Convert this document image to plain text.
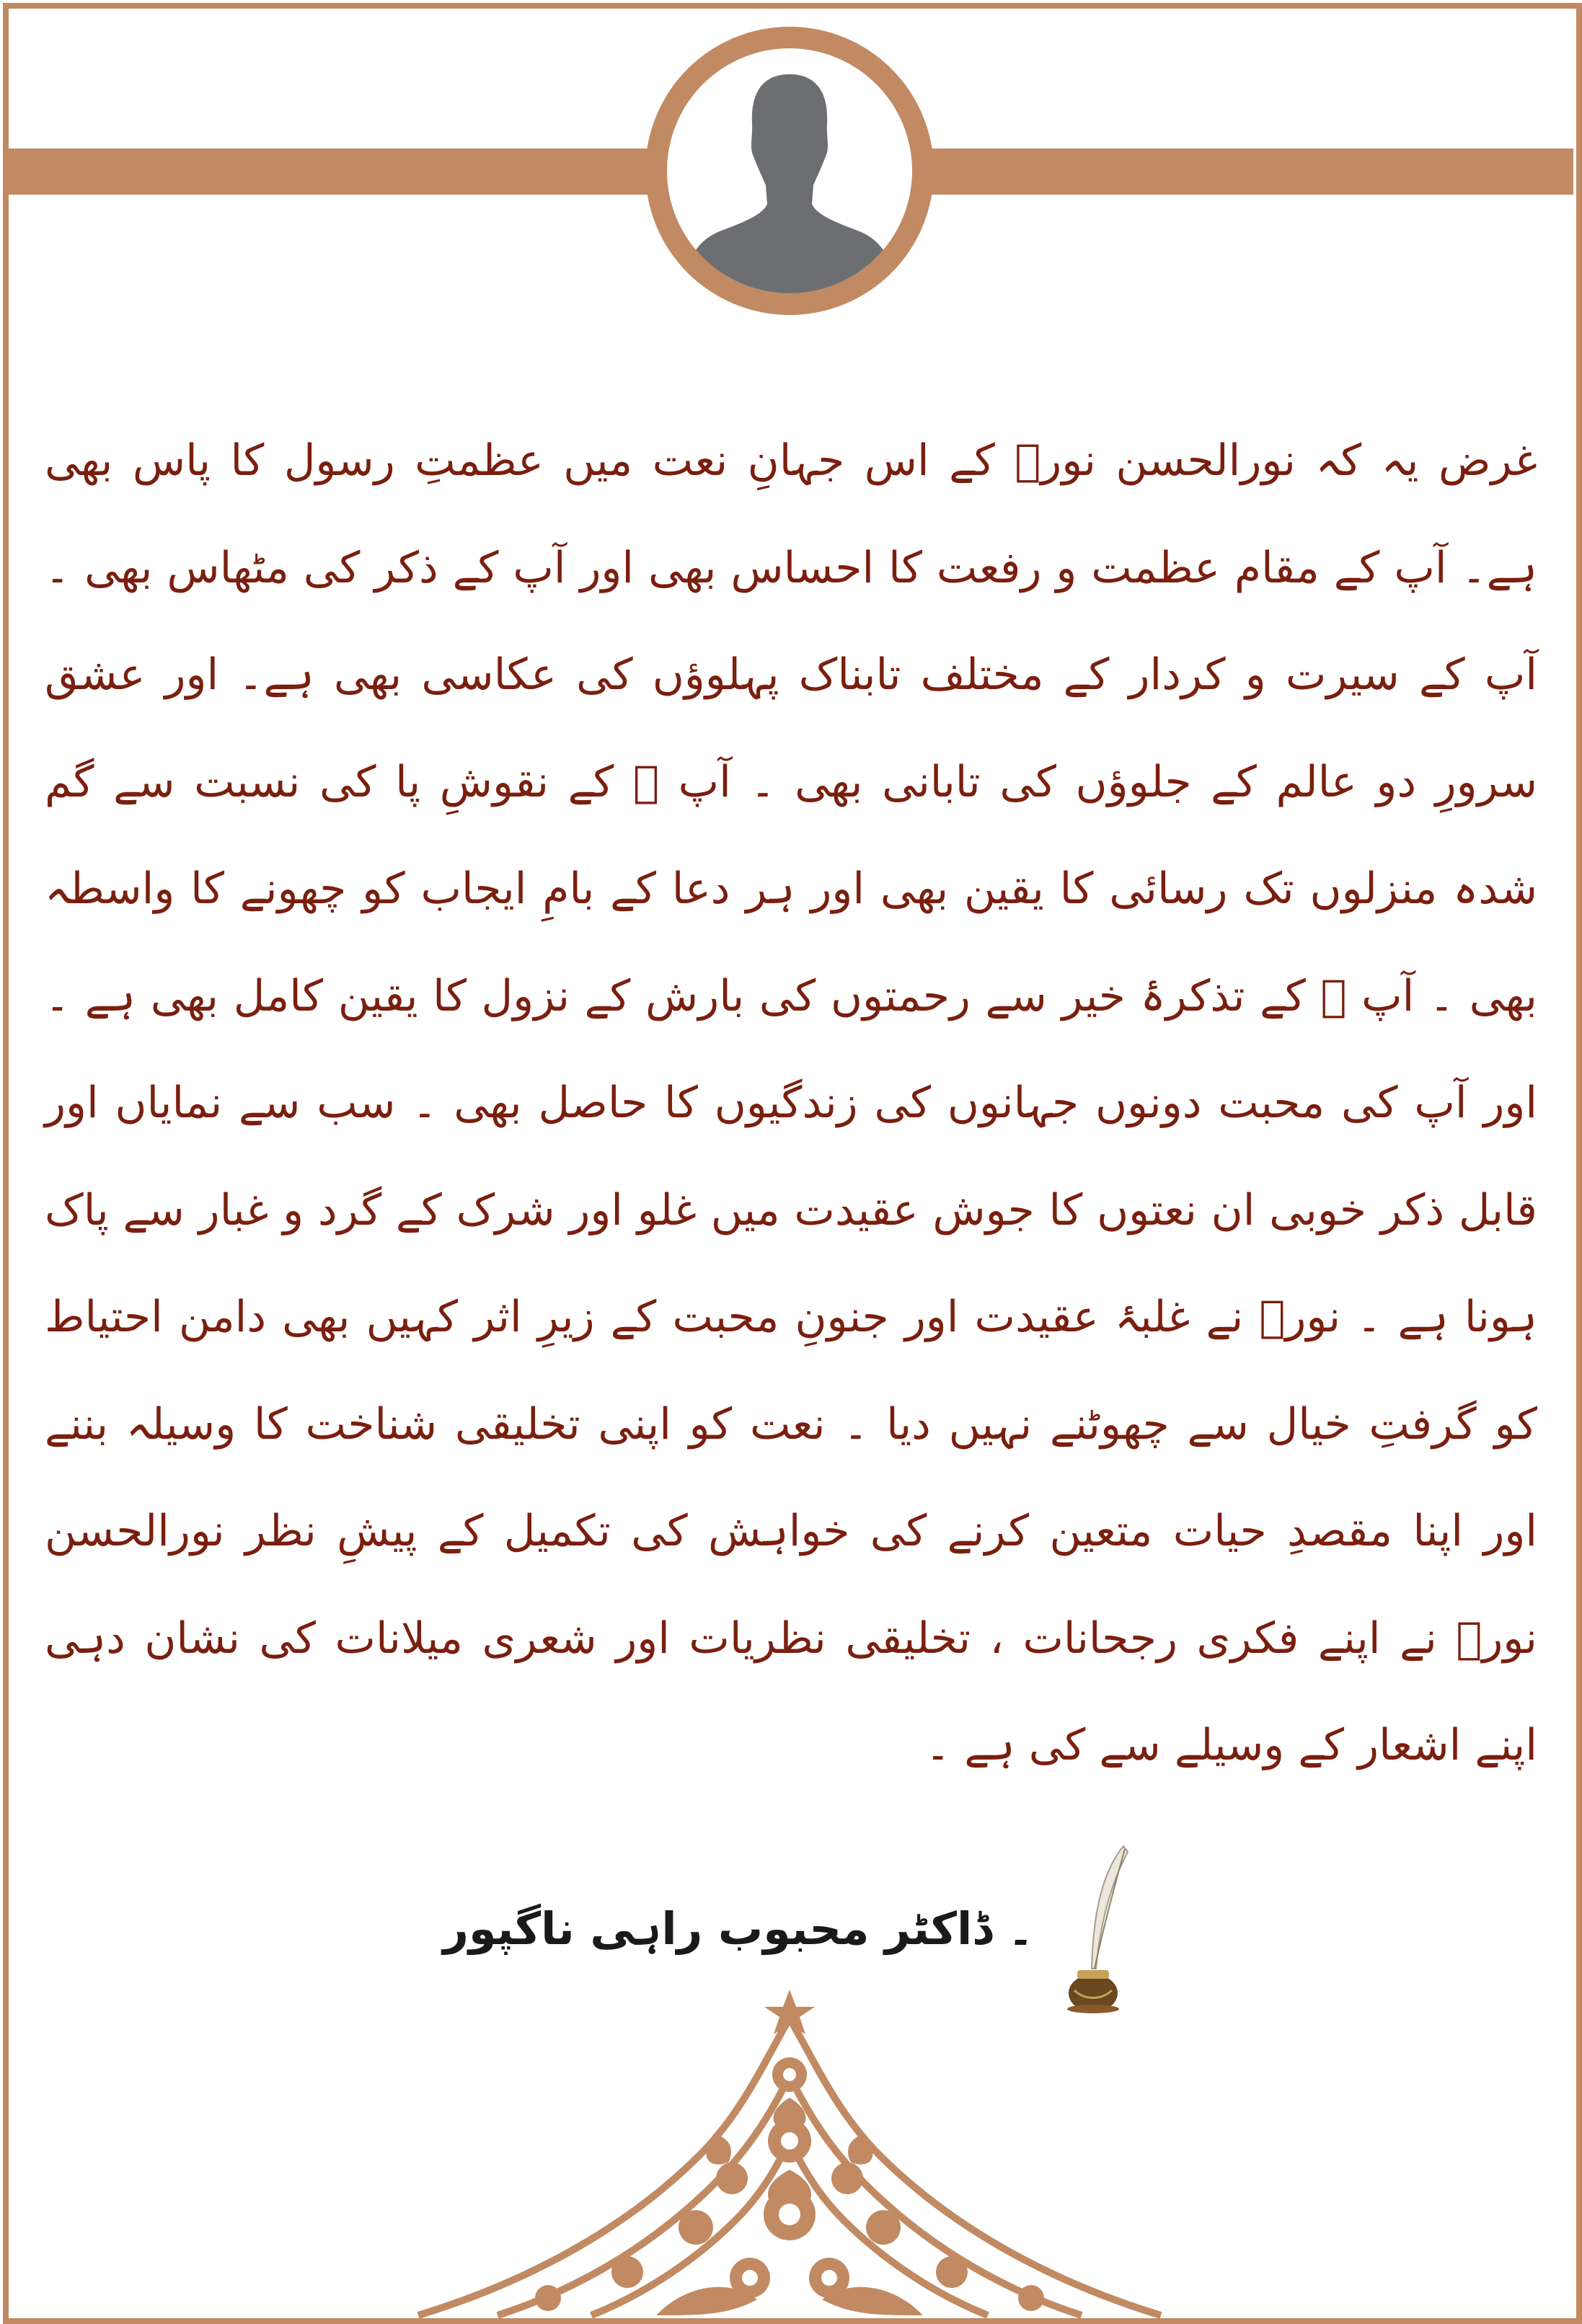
غرض یہ کہ نورالحسن نورؔ کے اس جہانِ نعت میں عظمتِ رسول کا پاس بھی ہے۔ آپ کے مقام عظمت و رفعت کا احساس بھی اور آپ کے ذکر کی مٹھاس بھی ۔ آپ کے سیرت و کردار کے مختلف تابناک پہلوؤں کی عکاسی بھی ہے۔ اور عشق سرورِ دو عالم کے جلوؤں کی تابانی بھی ۔ آپ ﷺ کے نقوشِ پا کی نسبت سے گم شدہ منزلوں تک رسائی کا یقین بھی اور ہر دعا کے بامِ ایجاب کو چھونے کا واسطہ بھی ۔ آپ ﷺ کے تذکرۂ خیر سے رحمتوں کی بارش کے نزول کا یقین کامل بھی ہے ۔ اور آپ کی محبت دونوں جہانوں کی زندگیوں کا حاصل بھی ۔ سب سے نمایاں اور قابل ذکر خوبی ان نعتوں کا جوش عقیدت میں غلو اور شرک کے گرد و غبار سے پاک ہونا ہے ۔ نورؔ نے غلبۂ عقیدت اور جنونِ محبت کے زیرِ اثر کہیں بھی دامن احتیاط کو گرفتِ خیال سے چھوٹنے نہیں دیا ۔ نعت کو اپنی تخلیقی شناخت کا وسیلہ بننے اور اپنا مقصدِ حیات متعین کرنے کی خواہش کی تکمیل کے پیشِ نظر نورالحسن نورؔ نے اپنے فکری رجحانات ، تخلیقی نظریات اور شعری میلانات کی نشان دہی اپنے اشعار کے وسیلے سے کی ہے ۔

۔ ڈاکٹر محبوب راہی ناگپور
